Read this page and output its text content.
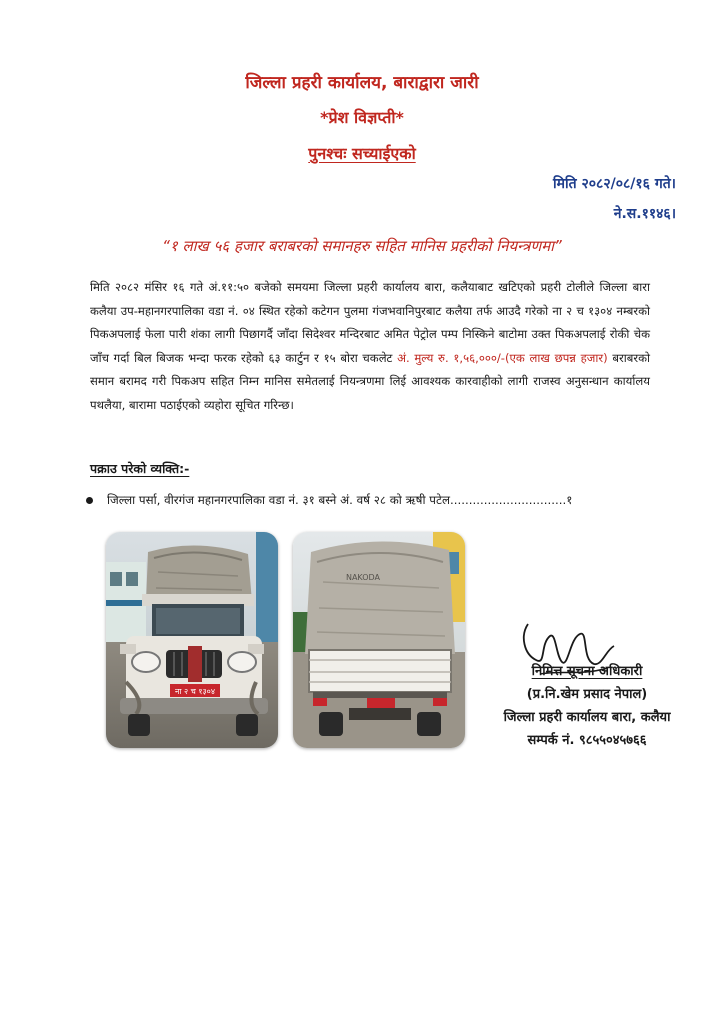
जिल्ला प्रहरी कार्यालय, बाराद्वारा जारी
*प्रेश विज्ञप्ती*
पुनश्चः सच्याईएको
मिति २०८२/०८/१६ गते।
ने.स.११४६।
“१ लाख ५६ हजार बराबरको समानहरु सहित मानिस प्रहरीको नियन्त्रणमा”
मिति २०८२ मंसिर १६ गते अं.११:५० बजेको समयमा जिल्ला प्रहरी कार्यालय बारा, कलैयाबाट खटिएको प्रहरी टोलीले जिल्ला बारा कलैया उप-महानगरपालिका वडा नं. ०४ स्थित रहेको कटेगन पुलमा गंजभवानिपुरबाट कलैया तर्फ आउदै गरेको ना २ च १३०४ नम्बरको पिकअपलाई फेला पारी शंका लागी पिछागर्दै जाँदा सिदेश्वर मन्दिरबाट अमित पेट्रोल पम्प निस्किने बाटोमा उक्त पिकअपलाई रोकी चेक जाँच गर्दा बिल बिजक भन्दा फरक रहेको ६३ कार्टुन र १५ बोरा चकलेट अं. मुल्य रु. १,५६,०००/-(एक लाख छपन्न हजार) बराबरको समान बरामद गरी पिकअप सहित निम्न मानिस समेतलाई नियन्त्रणमा लिई आवश्यक कारवाहीको लागी राजस्व अनुसन्धान कार्यालय पथलैया, बारामा पठाईएको व्यहोरा सूचित गरिन्छ।
पक्राउ परेको व्यक्ति:-
जिल्ला पर्सा, वीरगंज महानगरपालिका वडा नं. ३१ बस्ने अं. वर्ष २८ को ऋषी पटेल...............................१
ना २ च १३०४
NAKODA
निमित्त सूचना अधिकारी
(प्र.नि.खेम प्रसाद नेपाल)
जिल्ला प्रहरी कार्यालय बारा, कलैया
सम्पर्क नं. ९८५५०४५७६६
